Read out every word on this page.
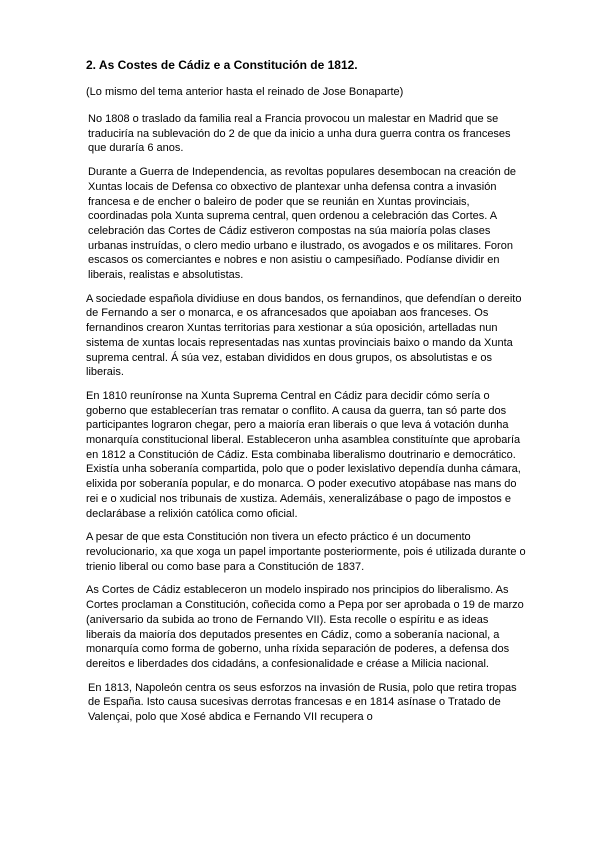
2. As Costes de Cádiz e a Constitución de 1812.
(Lo mismo del tema anterior hasta el reinado de Jose Bonaparte)

No 1808 o traslado da familia real a Francia provocou un malestar en Madrid que se traduciría na sublevación do 2 de que da inicio a unha dura guerra contra os franceses que duraría 6 anos.

Durante a Guerra de Independencia, as revoltas populares desembocan na creación de Xuntas locais de Defensa co obxectivo de plantexar unha defensa contra a invasión francesa e de encher o baleiro de poder que se reunián en Xuntas provinciais, coordinadas pola Xunta suprema central, quen ordenou a celebración das Cortes. A celebración das Cortes de Cádiz estiveron compostas na súa maioría polas clases urbanas instruídas, o clero medio urbano e ilustrado, os avogados e os militares. Foron escasos os comerciantes e nobres e non asistiu o campesiñado. Podíanse dividir en liberais, realistas e absolutistas.

A sociedade española dividiuse en dous bandos, os fernandinos, que defendían o dereito de Fernando a ser o monarca, e os afrancesados que apoiaban aos franceses. Os fernandinos crearon Xuntas territorias para xestionar a súa oposición, artelladas nun sistema de xuntas locais representadas nas xuntas provinciais baixo o mando da Xunta suprema central. Á súa vez, estaban divididos en dous grupos, os absolutistas e os liberais.

En 1810 reuníronse na Xunta Suprema Central en Cádiz para decidir cómo sería o goberno que establecerían tras rematar o conflito. A causa da guerra, tan só parte dos participantes lograron chegar, pero a maioría eran liberais o que leva á votación dunha monarquía constitucional liberal. Estableceron unha asamblea constituínte que aprobaría en 1812 a Constitución de Cádiz. Esta combinaba liberalismo doutrinario e democrático. Existía unha soberanía compartida, polo que o poder lexislativo dependía dunha cámara, elixida por soberanía popular, e do monarca. O poder executivo atopábase nas mans do rei e o xudicial nos tribunais de xustiza. Ademáis, xeneralizábase o pago de impostos e declarábase a relixión católica como oficial.

A pesar de que esta Constitución non tivera un efecto práctico é un documento revolucionario, xa que xoga un papel importante posteriormente, pois é utilizada durante o trienio liberal ou como base para a Constitución de 1837.

As Cortes de Cádiz estableceron un modelo inspirado nos principios do liberalismo. As Cortes proclaman a Constitución, coñecida como a Pepa por ser aprobada o 19 de marzo (aniversario da subida ao trono de Fernando VII). Esta recolle o espíritu e as ideas liberais da maioría dos deputados presentes en Cádiz, como a soberanía nacional, a monarquía como forma de goberno, unha ríxida separación de poderes, a defensa dos dereitos e liberdades dos cidadáns, a confesionalidade e créase a Milicia nacional.

En 1813, Napoleón centra os seus esforzos na invasión de Rusia, polo que retira tropas de España. Isto causa sucesivas derrotas francesas e en 1814 asínase o Tratado de Valençai, polo que Xosé abdica e Fernando VII recupera o
